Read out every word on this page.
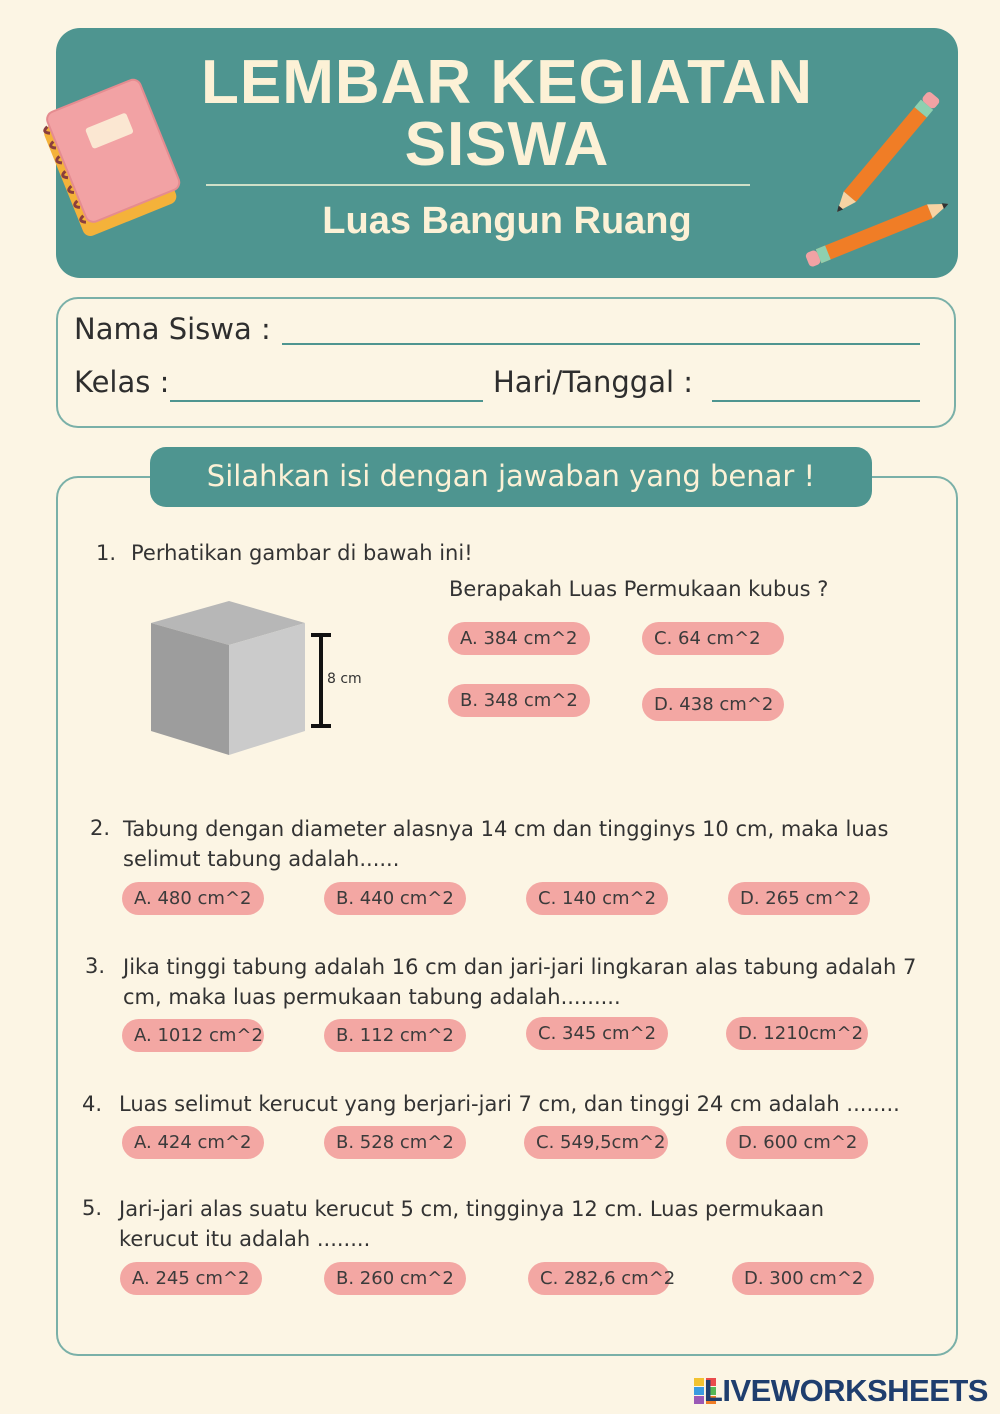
LEMBAR KEGIATAN
SISWA
Luas Bangun Ruang
Nama Siswa :
Kelas :	Hari/Tanggal :
Silahkan isi dengan jawaban yang benar !
1. Perhatikan gambar di bawah ini!
Berapakah Luas Permukaan kubus ?
8 cm
A. 384 cm^2	C. 64 cm^2
B. 348 cm^2	D. 438 cm^2
2. Tabung dengan diameter alasnya 14 cm dan tingginys 10 cm, maka luas
selimut tabung adalah......
A. 480 cm^2	B. 440 cm^2	C. 140 cm^2	D. 265 cm^2
3. Jika tinggi tabung adalah 16 cm dan jari-jari lingkaran alas tabung adalah 7
cm, maka luas permukaan tabung adalah.........
A. 1012 cm^2	B. 112 cm^2	C. 345 cm^2	D. 1210cm^2
4. Luas selimut kerucut yang berjari-jari 7 cm, dan tinggi 24 cm adalah ........
A. 424 cm^2	B. 528 cm^2	C. 549,5cm^2	D. 600 cm^2
5. Jari-jari alas suatu kerucut 5 cm, tingginya 12 cm. Luas permukaan
kerucut itu adalah ........
A. 245 cm^2	B. 260 cm^2	C. 282,6 cm^2	D. 300 cm^2
LIVEWORKSHEETS
